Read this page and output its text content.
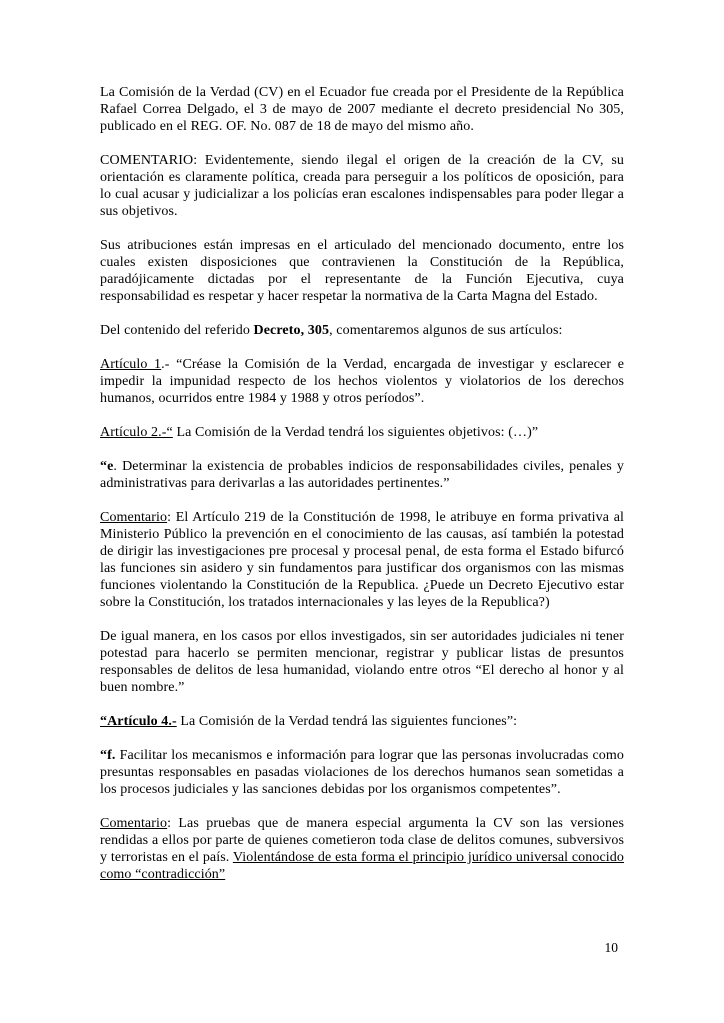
La Comisión de la Verdad (CV) en el Ecuador fue creada por el Presidente de la República Rafael Correa Delgado, el 3 de mayo de 2007 mediante el decreto presidencial No 305, publicado en el REG. OF. No. 087 de 18 de mayo del mismo año.

COMENTARIO: Evidentemente, siendo ilegal el origen de la creación de la CV, su orientación es claramente política, creada para perseguir a los políticos de oposición, para lo cual acusar y judicializar a los policías eran escalones indispensables para poder llegar a sus objetivos.

Sus atribuciones están impresas en el articulado del mencionado documento, entre los cuales existen disposiciones que contravienen la Constitución de la República, paradójicamente dictadas por el representante de la Función Ejecutiva, cuya responsabilidad es respetar y hacer respetar la normativa de la Carta Magna del Estado.

Del contenido del referido Decreto, 305, comentaremos algunos de sus artículos:

Artículo 1.- “Créase la Comisión de la Verdad, encargada de investigar y esclarecer e impedir la impunidad respecto de los hechos violentos y violatorios de los derechos humanos, ocurridos entre 1984 y 1988 y otros períodos”.

Artículo 2.-“ La Comisión de la Verdad tendrá los siguientes objetivos: (…)”

“e. Determinar la existencia de probables indicios de responsabilidades civiles, penales y administrativas para derivarlas a las autoridades pertinentes.”

Comentario: El Artículo 219 de la Constitución de 1998, le atribuye en forma privativa al Ministerio Público la prevención en el conocimiento de las causas, así también la potestad de dirigir las investigaciones pre procesal y procesal penal, de esta forma el Estado bifurcó las funciones sin asidero y sin fundamentos para justificar dos organismos con las mismas funciones violentando la Constitución de la Republica. ¿Puede un Decreto Ejecutivo estar sobre la Constitución, los tratados internacionales y las leyes de la Republica?)

De igual manera, en los casos por ellos investigados, sin ser autoridades judiciales ni tener potestad para hacerlo se permiten mencionar, registrar y publicar listas de presuntos responsables de delitos de lesa humanidad, violando entre otros “El derecho al honor y al buen nombre.”

“Artículo 4.- La Comisión de la Verdad tendrá las siguientes funciones”:

“f. Facilitar los mecanismos e información para lograr que las personas involucradas como presuntas responsables en pasadas violaciones de los derechos humanos sean sometidas a los procesos judiciales y las sanciones debidas por los organismos competentes”.

Comentario: Las pruebas que de manera especial argumenta la CV son las versiones rendidas a ellos por parte de quienes cometieron toda clase de delitos comunes, subversivos y terroristas en el país. Violentándose de esta forma el principio jurídico universal conocido como “contradicción”

10
